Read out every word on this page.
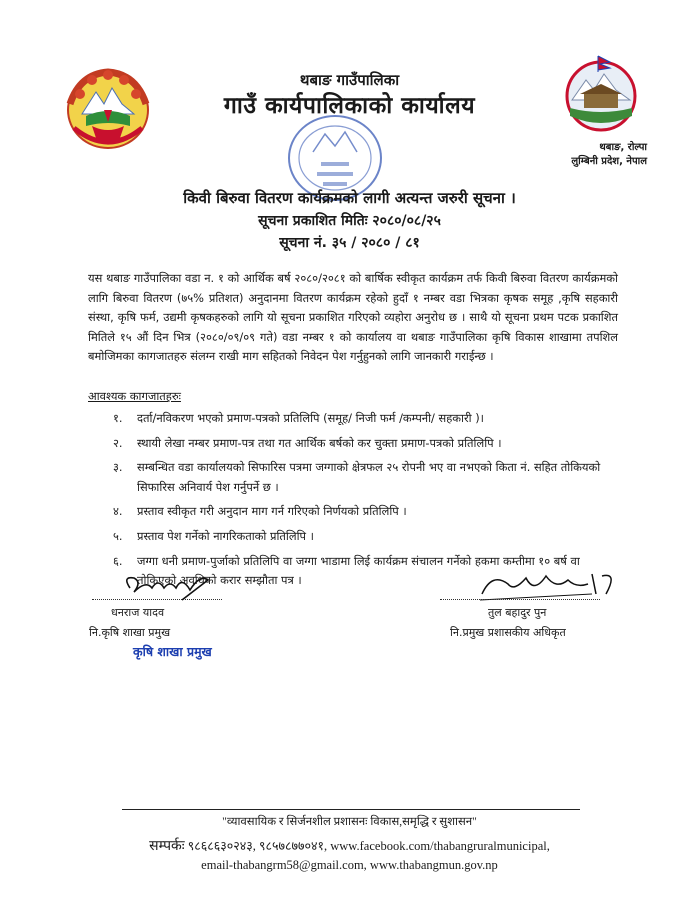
थबाङ गाउँपालिका
गाउँ कार्यपालिकाको कार्यालय
थबाङ, रोल्पा
लुम्बिनी प्रदेश, नेपाल
किवी बिरुवा वितरण कार्यक्रमको लागी अत्यन्त जरुरी सूचना ।
सूचना प्रकाशित मितिः २०८०/०८/२५
सूचना नं. ३५ / २०८० / ८१
यस थबाङ गाउँपालिका वडा न. १ को आर्थिक बर्ष २०८०/२०८१ को बार्षिक स्वीकृत कार्यक्रम तर्फ किवी बिरुवा वितरण कार्यक्रमको लागि बिरुवा वितरण (७५% प्रतिशत) अनुदानमा वितरण कार्यक्रम रहेको हुदाँ १ नम्बर वडा भित्रका कृषक समूह ,कृषि सहकारी संस्था, कृषि फर्म, उद्यमी कृषकहरुको लागि यो सूचना प्रकाशित गरिएको व्यहोरा अनुरोध छ । साथै यो सूचना प्रथम पटक प्रकाशित मितिले १५ औं दिन भित्र (२०८०/०९/०९ गते) वडा नम्बर १ को कार्यालय वा थबाङ गाउँपालिका कृषि विकास शाखामा तपशिल बमोजिमका कागजातहरु संलग्न राखी माग सहितको निवेदन पेश गर्नुहुनको लागि जानकारी गराईन्छ ।
आवश्यक कागजातहरुः
१.	दर्ता/नविकरण भएको प्रमाण-पत्रको प्रतिलिपि (समूह/ निजी फर्म /कम्पनी/ सहकारी )।
२.	स्थायी लेखा नम्बर प्रमाण-पत्र तथा गत आर्थिक बर्षको कर चुक्ता प्रमाण-पत्रको प्रतिलिपि ।
३.	सम्बन्धित वडा कार्यालयको सिफारिस पत्रमा जग्गाको क्षेत्रफल २५ रोपनी भए वा नभएको किता नं. सहित तोकियको सिफारिस अनिवार्य पेश गर्नुपर्ने छ ।
४.	प्रस्ताव स्वीकृत गरी अनुदान माग गर्न गरिएको निर्णयको प्रतिलिपि ।
५.	प्रस्ताव पेश गर्नेको नागरिकताको प्रतिलिपि ।
६.	जग्गा धनी प्रमाण-पुर्जाको प्रतिलिपि वा जग्गा भाडामा लिई कार्यक्रम संचालन गर्नेको हकमा कम्तीमा १० बर्ष वा तोकिएको अवधिको करार सम्झौता पत्र ।
धनराज यादव
नि.कृषि शाखा प्रमुख
कृषि शाखा प्रमुख
तुल बहादुर पुन
नि.प्रमुख प्रशासकीय अधिकृत
"व्यावसायिक र सिर्जनशील प्रशासनः विकास,समृद्धि र सुशासन"
सम्पर्कः ९८६८६३०२४३, ९८५७८७७०४१, www.facebook.com/thabangruralmunicipal,
email-thabangrm58@gmail.com, www.thabangmun.gov.np
